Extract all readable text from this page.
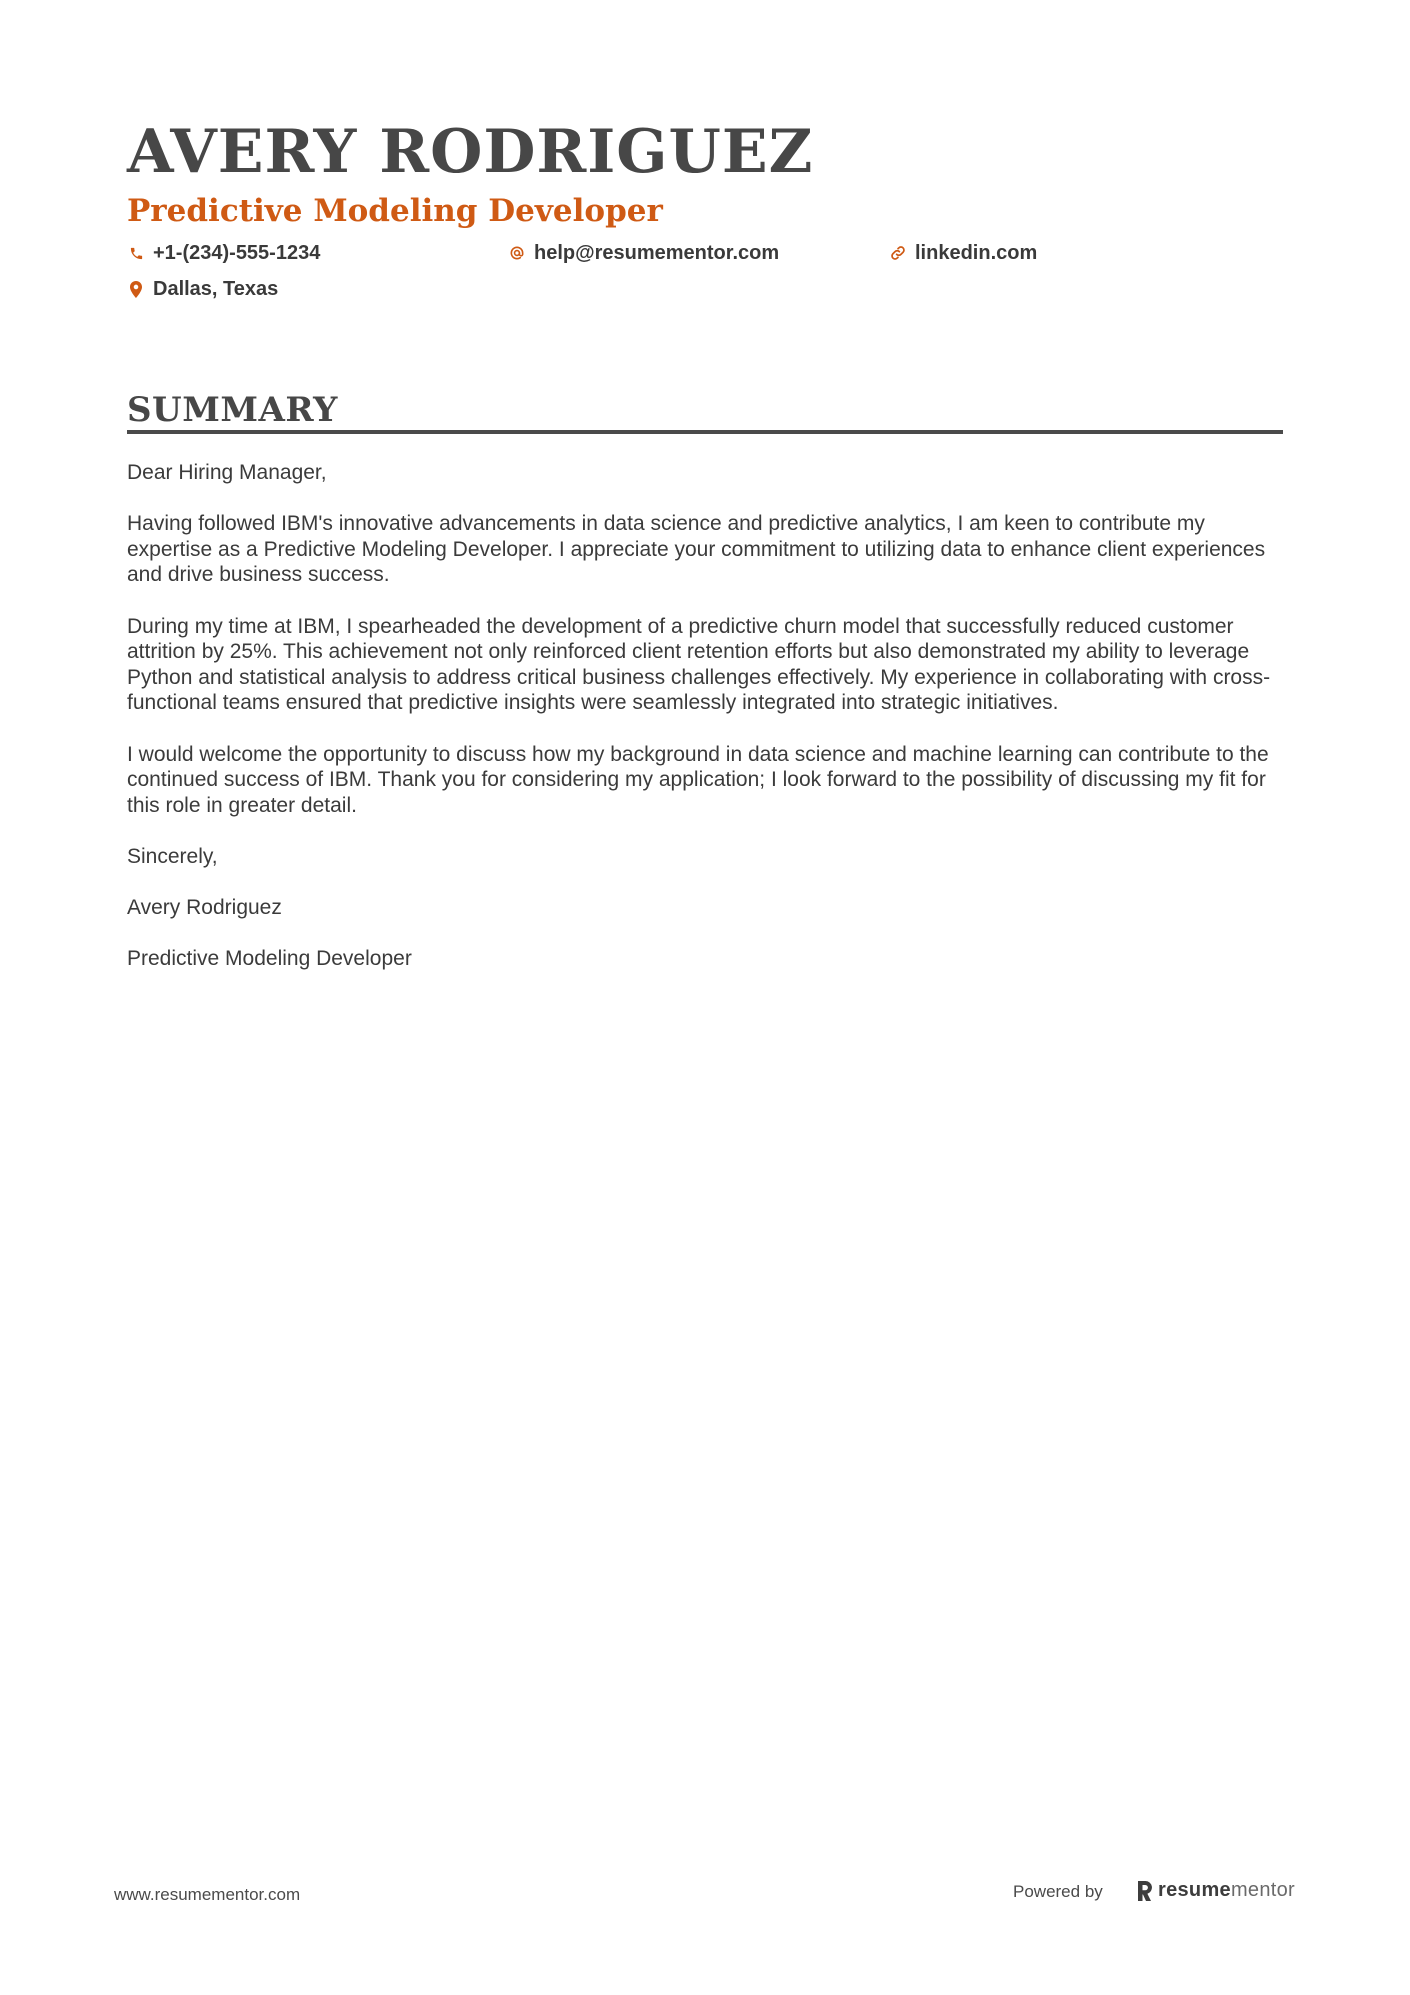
AVERY RODRIGUEZ
Predictive Modeling Developer
+1-(234)-555-1234	help@resumementor.com	linkedin.com
Dallas, Texas
SUMMARY

Dear Hiring Manager,

Having followed IBM's innovative advancements in data science and predictive analytics, I am keen to contribute my expertise as a Predictive Modeling Developer. I appreciate your commitment to utilizing data to enhance client experiences and drive business success.

During my time at IBM, I spearheaded the development of a predictive churn model that successfully reduced customer attrition by 25%. This achievement not only reinforced client retention efforts but also demonstrated my ability to leverage Python and statistical analysis to address critical business challenges effectively. My experience in collaborating with cross-functional teams ensured that predictive insights were seamlessly integrated into strategic initiatives.

I would welcome the opportunity to discuss how my background in data science and machine learning can contribute to the continued success of IBM. Thank you for considering my application; I look forward to the possibility of discussing my fit for this role in greater detail.

Sincerely,

Avery Rodriguez

Predictive Modeling Developer

www.resumementor.com	Powered by	resume mentor
